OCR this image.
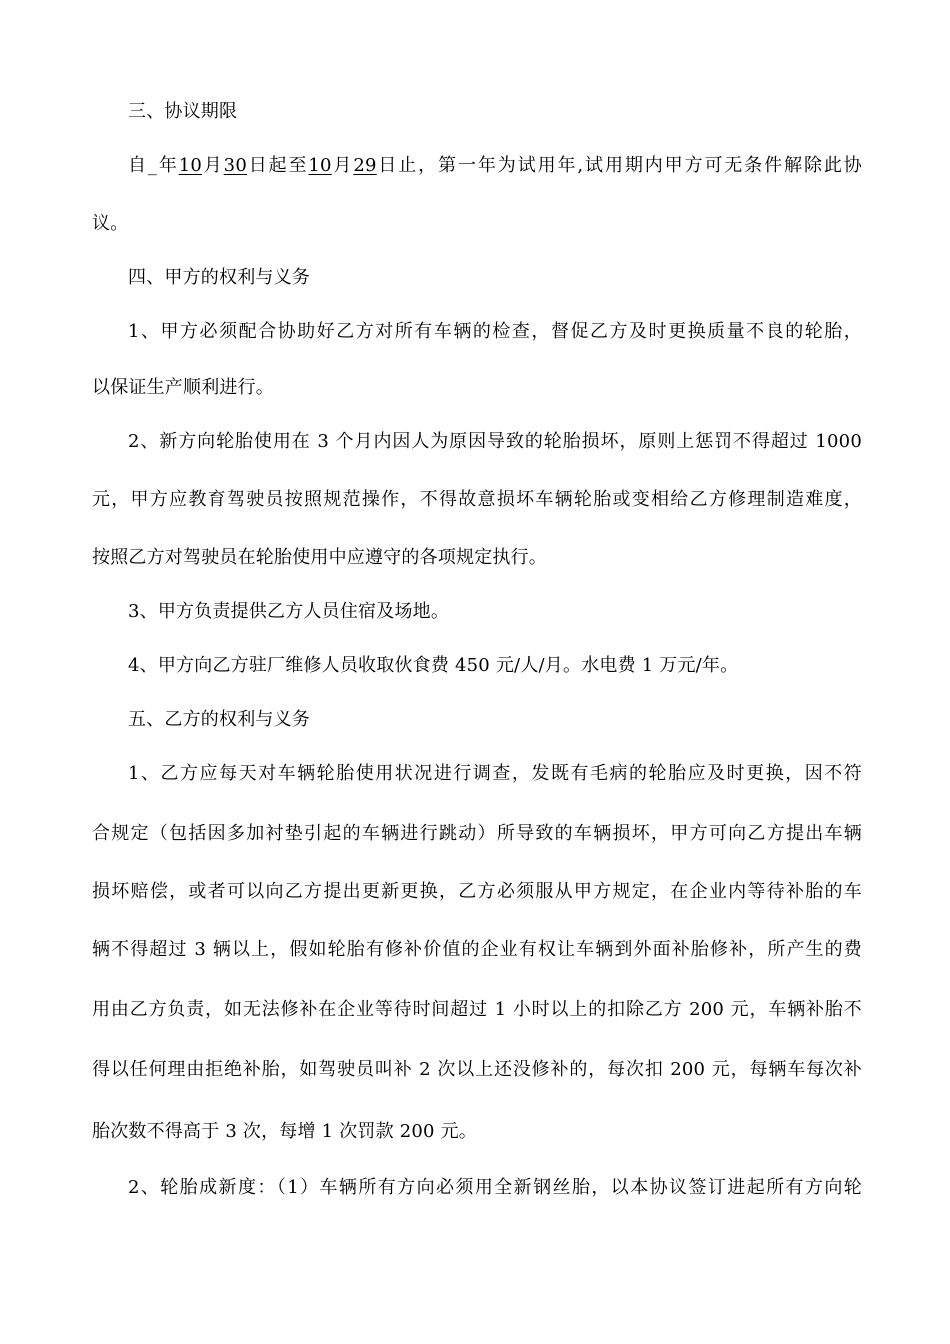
三、协议期限
自_年10月30日起至10月29日止，第一年为试用年,试用期内甲方可无条件解除此协
议。
四、甲方的权利与义务
1、甲方必须配合协助好乙方对所有车辆的检查，督促乙方及时更换质量不良的轮胎，
以保证生产顺利进行。
2、新方向轮胎使用在 3 个月内因人为原因导致的轮胎损坏，原则上惩罚不得超过 1000
元，甲方应教育驾驶员按照规范操作，不得故意损坏车辆轮胎或变相给乙方修理制造难度，
按照乙方对驾驶员在轮胎使用中应遵守的各项规定执行。
3、甲方负责提供乙方人员住宿及场地。
4、甲方向乙方驻厂维修人员收取伙食费 450 元/人/月。水电费 1 万元/年。
五、乙方的权利与义务
1、乙方应每天对车辆轮胎使用状况进行调查，发既有毛病的轮胎应及时更换，因不符
合规定（包括因多加衬垫引起的车辆进行跳动）所导致的车辆损坏，甲方可向乙方提出车辆
损坏赔偿，或者可以向乙方提出更新更换，乙方必须服从甲方规定，在企业内等待补胎的车
辆不得超过 3 辆以上，假如轮胎有修补价值的企业有权让车辆到外面补胎修补，所产生的费
用由乙方负责，如无法修补在企业等待时间超过 1 小时以上的扣除乙方 200 元，车辆补胎不
得以任何理由拒绝补胎，如驾驶员叫补 2 次以上还没修补的，每次扣 200 元，每辆车每次补
胎次数不得高于 3 次，每增 1 次罚款 200 元。
2、轮胎成新度：（1）车辆所有方向必须用全新钢丝胎，以本协议签订进起所有方向轮
